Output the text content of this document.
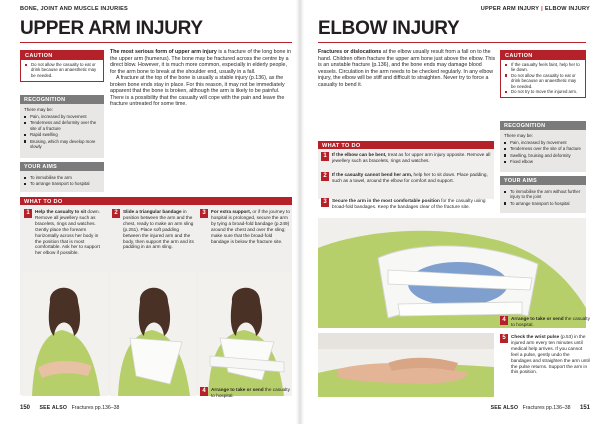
BONE, JOINT AND MUSCLE INJURIES
UPPER ARM INJURY
CAUTION
Do not allow the casualty to eat or drink because an anaesthetic may be needed.
RECOGNITION
There may be:
Pain, increased by movement
Tenderness and deformity over the site of a fracture
Rapid swelling
Bruising, which may develop more slowly
YOUR AIMS
To immobilise the arm
To arrange transport to hospital

The most serious form of upper arm injury is a fracture of the long bone in the upper arm (humerus). The bone may be fractured across the centre by a direct blow. However, it is much more common, especially in elderly people, for the arm bone to break at the shoulder end, usually in a fall.

A fracture at the top of the bone is usually a stable injury (p.136), as the broken bone ends stay in place. For this reason, it may not be immediately apparent that the bone is broken, although the arm is likely to be painful. There is a possibility that the casualty will cope with the pain and leave the fracture untreated for some time.

WHAT TO DO
1	Help the casualty to sit down. Remove all jewellery such as bracelets, rings and watches. Gently place the forearm horizontally across her body in the position that is most comfortable. Ask her to support her elbow if possible.
2	Slide a triangular bandage in position between the arm and the chest, ready to make an arm sling (p.251). Place soft padding between the injured arm and the body, then support the arm and its padding in an arm sling.
3	For extra support, or if the journey to hospital is prolonged, secure the arm by tying a broad-fold bandage (p.249) around the chest and over the sling; make sure that the broad-fold bandage is below the fracture site.
4	Arrange to take or send the casualty to hospital.
150 SEE ALSO Fractures pp.136–38
UPPER ARM INJURY | ELBOW INJURY
ELBOW INJURY

Fractures or dislocations at the elbow usually result from a fall on to the hand. Children often fracture the upper arm bone just above the elbow. This is an unstable fracture (p.136), and the bone ends may damage blood vessels. Circulation in the arm needs to be checked regularly. In any elbow injury, the elbow will be stiff and difficult to straighten. Never try to force a casualty to bend it.

CAUTION
If the casualty feels faint, help her to lie down.
Do not allow the casualty to eat or drink because an anaesthetic may be needed.
Do not try to move the injured arm.
RECOGNITION
There may be:
Pain, increased by movement
Tenderness over the site of a fracture
Swelling, bruising and deformity
Fixed elbow
YOUR AIMS
To immobilise the arm without further injury to the joint
To arrange transport to hospital
WHAT TO DO
1	If the elbow can be bent, treat as for upper arm injury opposite. Remove all jewellery such as bracelets, rings and watches.
2	If the casualty cannot bend her arm, help her to sit down. Place padding, such as a towel, around the elbow for comfort and support.
3	Secure the arm in the most comfortable position for the casualty using broad-fold bandages. Keep the bandages clear of the fracture site.
4	Arrange to take or send the casualty to hospital.
5	Check the wrist pulse (p.53) in the injured arm every ten minutes until medical help arrives. If you cannot feel a pulse, gently undo the bandages and straighten the arm until the pulse returns. Support the arm in this position.
SEE ALSO Fractures pp.136–38 151
